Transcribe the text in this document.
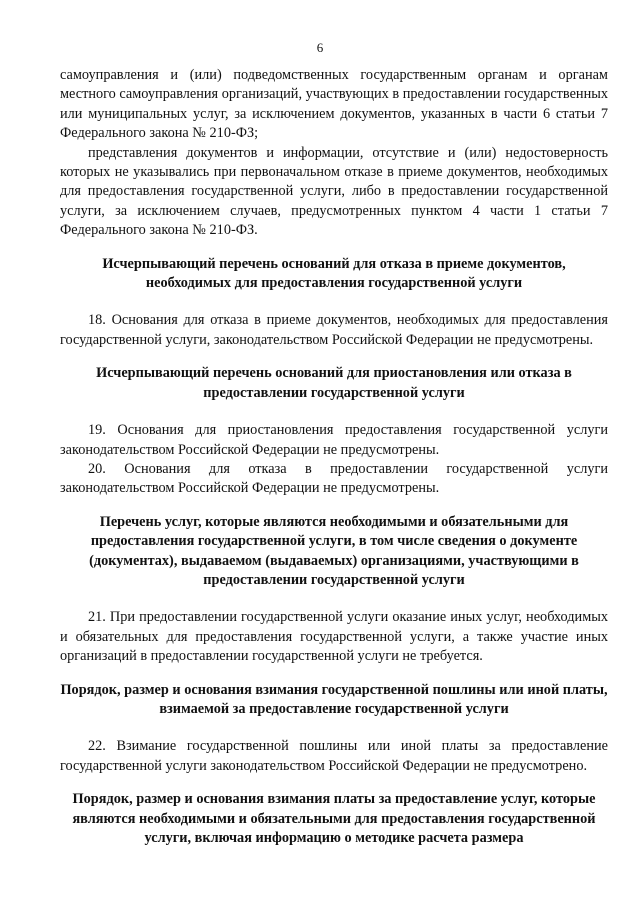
6

самоуправления и (или) подведомственных государственным органам и органам местного самоуправления организаций, участвующих в предоставлении государственных или муниципальных услуг, за исключением документов, указанных в части 6 статьи 7 Федерального закона № 210-ФЗ;

представления документов и информации, отсутствие и (или) недостоверность которых не указывались при первоначальном отказе в приеме документов, необходимых для предоставления государственной услуги, либо в предоставлении государственной услуги, за исключением случаев, предусмотренных пунктом 4 части 1 статьи 7 Федерального закона № 210-ФЗ.

Исчерпывающий перечень оснований для отказа в приеме документов, необходимых для предоставления государственной услуги

18. Основания для отказа в приеме документов, необходимых для предоставления государственной услуги, законодательством Российской Федерации не предусмотрены.

Исчерпывающий перечень оснований для приостановления или отказа в предоставлении государственной услуги

19. Основания для приостановления предоставления государственной услуги законодательством Российской Федерации не предусмотрены.

20. Основания для отказа в предоставлении государственной услуги законодательством Российской Федерации не предусмотрены.

Перечень услуг, которые являются необходимыми и обязательными для предоставления государственной услуги, в том числе сведения о документе (документах), выдаваемом (выдаваемых) организациями, участвующими в предоставлении государственной услуги

21. При предоставлении государственной услуги оказание иных услуг, необходимых и обязательных для предоставления государственной услуги, а также участие иных организаций в предоставлении государственной услуги не требуется.

Порядок, размер и основания взимания государственной пошлины или иной платы, взимаемой за предоставление государственной услуги

22. Взимание государственной пошлины или иной платы за предоставление государственной услуги законодательством Российской Федерации не предусмотрено.

Порядок, размер и основания взимания платы за предоставление услуг, которые являются необходимыми и обязательными для предоставления государственной услуги, включая информацию о методике расчета размера
